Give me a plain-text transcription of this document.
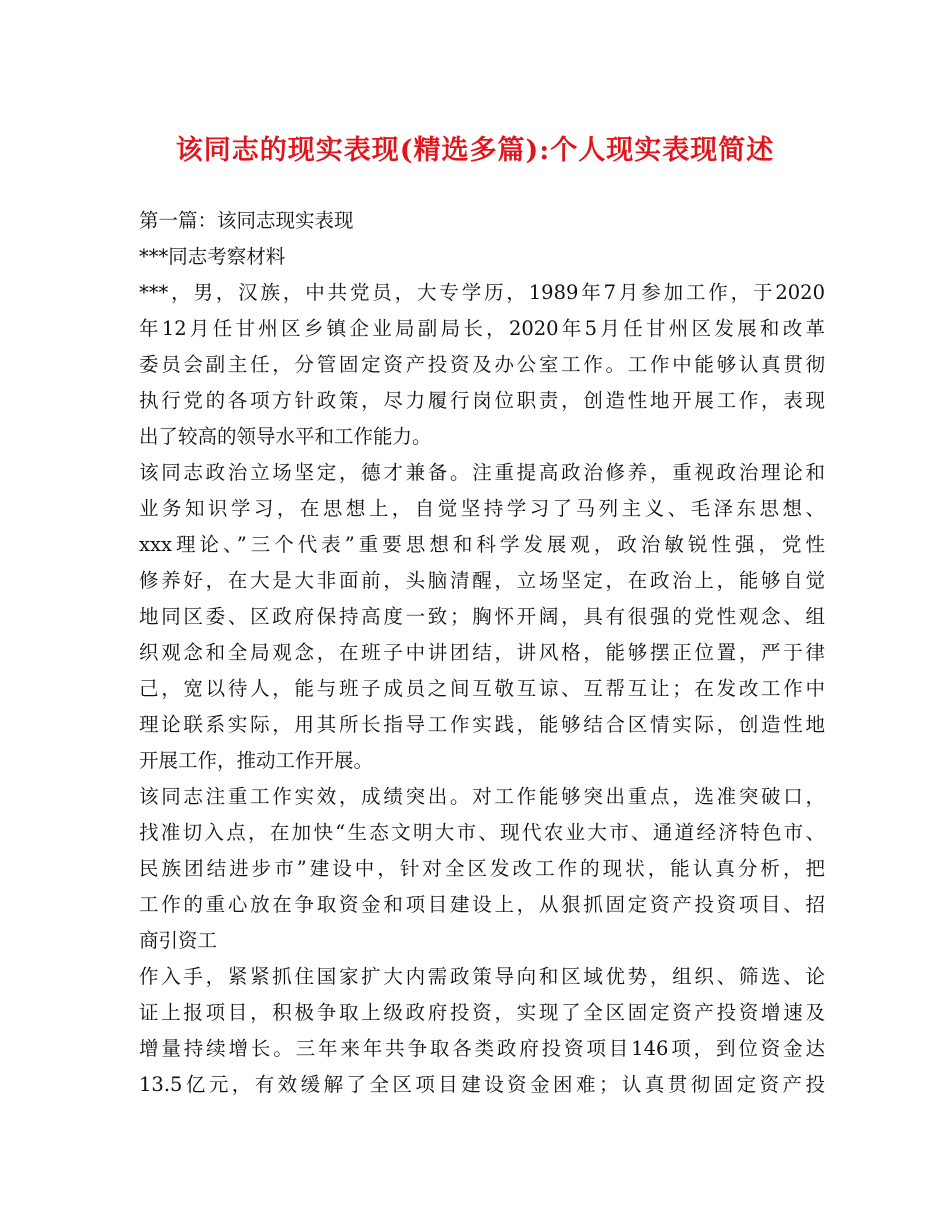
该同志的现实表现(精选多篇):个人现实表现简述
第一篇：该同志现实表现
***同志考察材料
***，男，汉族，中共党员，大专学历，1989年7月参加工作，于2020
年12月任甘州区乡镇企业局副局长，2020年5月任甘州区发展和改革
委员会副主任，分管固定资产投资及办公室工作。工作中能够认真贯彻
执行党的各项方针政策，尽力履行岗位职责，创造性地开展工作，表现
出了较高的领导水平和工作能力。
该同志政治立场坚定，德才兼备。注重提高政治修养，重视政治理论和
业务知识学习，在思想上，自觉坚持学习了马列主义、毛泽东思想、
xxx理论、”三个代表”重要思想和科学发展观，政治敏锐性强，党性
修养好，在大是大非面前，头脑清醒，立场坚定，在政治上，能够自觉
地同区委、区政府保持高度一致；胸怀开阔，具有很强的党性观念、组
织观念和全局观念，在班子中讲团结，讲风格，能够摆正位置，严于律
己，宽以待人，能与班子成员之间互敬互谅、互帮互让；在发改工作中
理论联系实际，用其所长指导工作实践，能够结合区情实际，创造性地
开展工作，推动工作开展。
该同志注重工作实效，成绩突出。对工作能够突出重点，选准突破口，
找准切入点，在加快“生态文明大市、现代农业大市、通道经济特色市、
民族团结进步市”建设中，针对全区发改工作的现状，能认真分析，把
工作的重心放在争取资金和项目建设上，从狠抓固定资产投资项目、招
商引资工
作入手，紧紧抓住国家扩大内需政策导向和区域优势，组织、筛选、论
证上报项目，积极争取上级政府投资，实现了全区固定资产投资增速及
增量持续增长。三年来年共争取各类政府投资项目146项，到位资金达
13.5亿元，有效缓解了全区项目建设资金困难；认真贯彻固定资产投
